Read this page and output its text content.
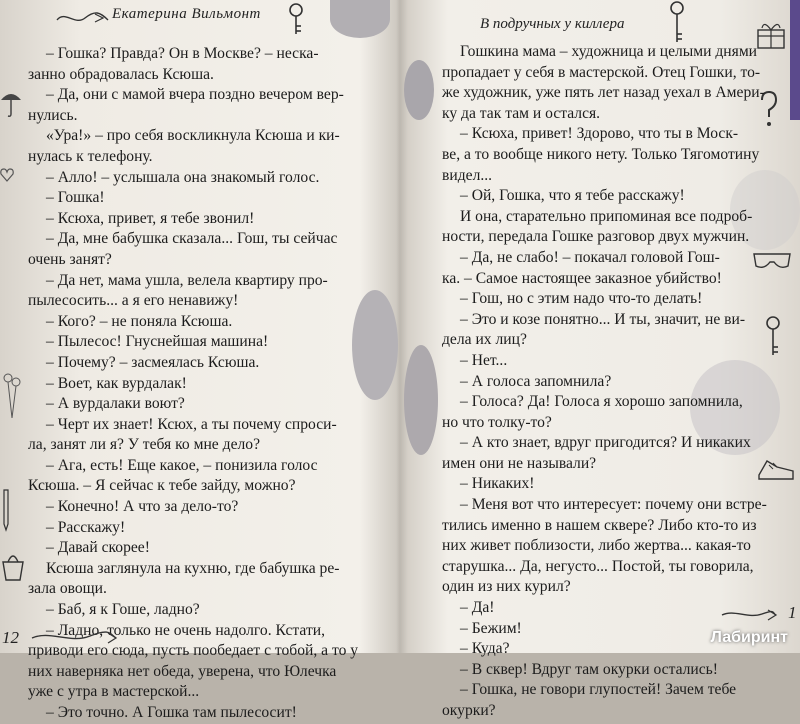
Екатерина Вильмонт
– Гошка? Правда? Он в Москве? – неска-
занно обрадовалась Ксюша.
– Да, они с мамой вчера поздно вечером вер-
нулись.
«Ура!» – про себя воскликнула Ксюша и ки-
нулась к телефону.
– Алло! – услышала она знакомый голос.
– Гошка!
– Ксюха, привет, я тебе звонил!
– Да, мне бабушка сказала... Гош, ты сейчас
очень занят?
– Да нет, мама ушла, велела квартиру про-
пылесосить... а я его ненавижу!
– Кого? – не поняла Ксюша.
– Пылесос! Гнуснейшая машина!
– Почему? – засмеялась Ксюша.
– Воет, как вурдалак!
– А вурдалаки воют?
– Черт их знает! Ксюх, а ты почему спроси-
ла, занят ли я? У тебя ко мне дело?
– Ага, есть! Еще какое, – понизила голос
Ксюша. – Я сейчас к тебе зайду, можно?
– Конечно! А что за дело-то?
– Расскажу!
– Давай скорее!
Ксюша заглянула на кухню, где бабушка ре-
зала овощи.
– Баб, я к Гоше, ладно?
– Ладно, только не очень надолго. Кстати,
приводи его сюда, пусть пообедает с тобой, а то у
них наверняка нет обеда, уверена, что Юлечка
уже с утра в мастерской...
– Это точно. А Гошка там пылесосит!
12
В подручных у киллера
Гошкина мама – художница и целыми днями
пропадает у себя в мастерской. Отец Гошки, то-
же художник, уже пять лет назад уехал в Амери-
ку да так там и остался.
– Ксюха, привет! Здорово, что ты в Моск-
ве, а то вообще никого нету. Только Тягомотину
видел...
– Ой, Гошка, что я тебе расскажу!
И она, старательно припоминая все подроб-
ности, передала Гошке разговор двух мужчин.
– Да, не слабо! – покачал головой Гош-
ка. – Самое настоящее заказное убийство!
– Гош, но с этим надо что-то делать!
– Это и козе понятно... И ты, значит, не ви-
дела их лиц?
– Нет...
– А голоса запомнила?
– Голоса? Да! Голоса я хорошо запомнила,
но что толку-то?
– А кто знает, вдруг пригодится? И никаких
имен они не называли?
– Никаких!
– Меня вот что интересует: почему они встре-
тились именно в нашем сквере? Либо кто-то из
них живет поблизости, либо жертва... какая-то
старушка... Да, негусто... Постой, ты говорила,
один из них курил?
– Да!
– Бежим!
– Куда?
– В сквер! Вдруг там окурки остались!
– Гошка, не говори глупостей! Зачем тебе
окурки?
1
Лабиринт
